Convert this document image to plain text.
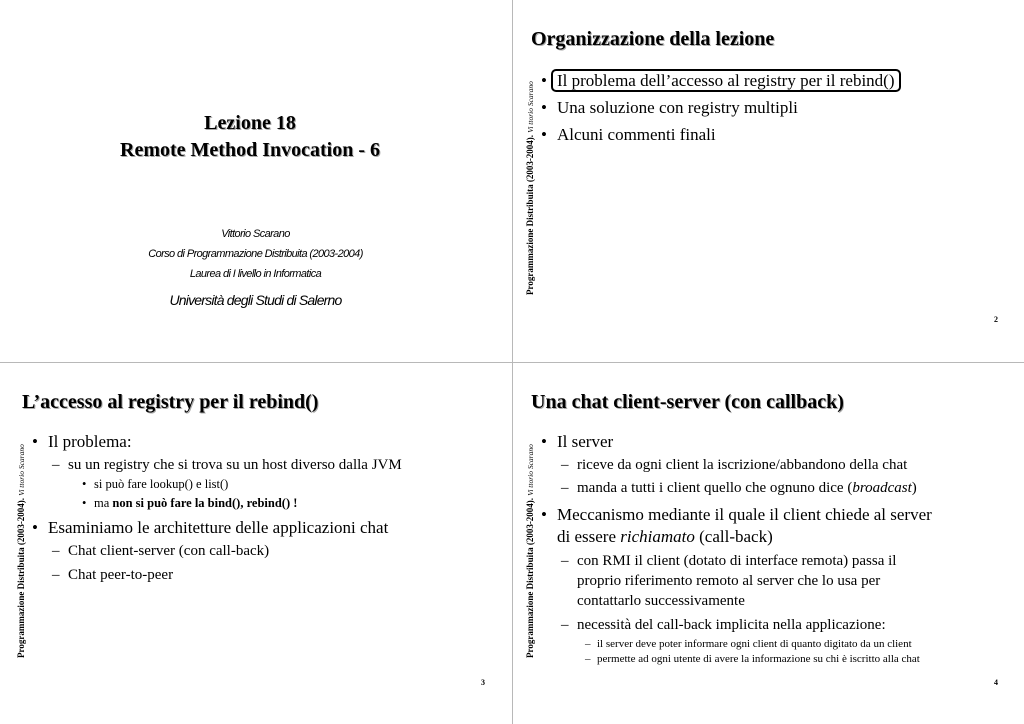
Lezione 18
Remote Method Invocation - 6
Vittorio Scarano
Corso di Programmazione Distribuita (2003-2004)
Laurea di I livello in Informatica
Università degli Studi di Salerno
Organizzazione della lezione
Programmazione Distribuita (2003-2004). Vi ttorio Scarano
• Il problema dell’accesso al registry per il rebind()
• Una soluzione con registry multipli
• Alcuni commenti finali
2
L’accesso al registry per il rebind()
Programmazione Distribuita (2003-2004). Vi ttorio Scarano
• Il problema:
– su un registry che si trova su un host diverso dalla JVM
• si può fare lookup() e list()
• ma non si può fare la bind(), rebind() !
• Esaminiamo le architetture delle applicazioni chat
– Chat client-server (con call-back)
– Chat peer-to-peer
3
Una chat client-server (con callback)
Programmazione Distribuita (2003-2004). Vi ttorio Scarano
• Il server
– riceve da ogni client la iscrizione/abbandono della chat
– manda a tutti i client quello che ognuno dice (broadcast)
• Meccanismo mediante il quale il client chiede al server
di essere richiamato (call-back)
– con RMI il client (dotato di interface remota) passa il proprio riferimento remoto al server che lo usa per contattarlo successivamente
– necessità del call-back implicita nella applicazione:
– il server deve poter informare ogni client di quanto digitato da un client
– permette ad ogni utente di avere la informazione su chi è iscritto alla chat
4
